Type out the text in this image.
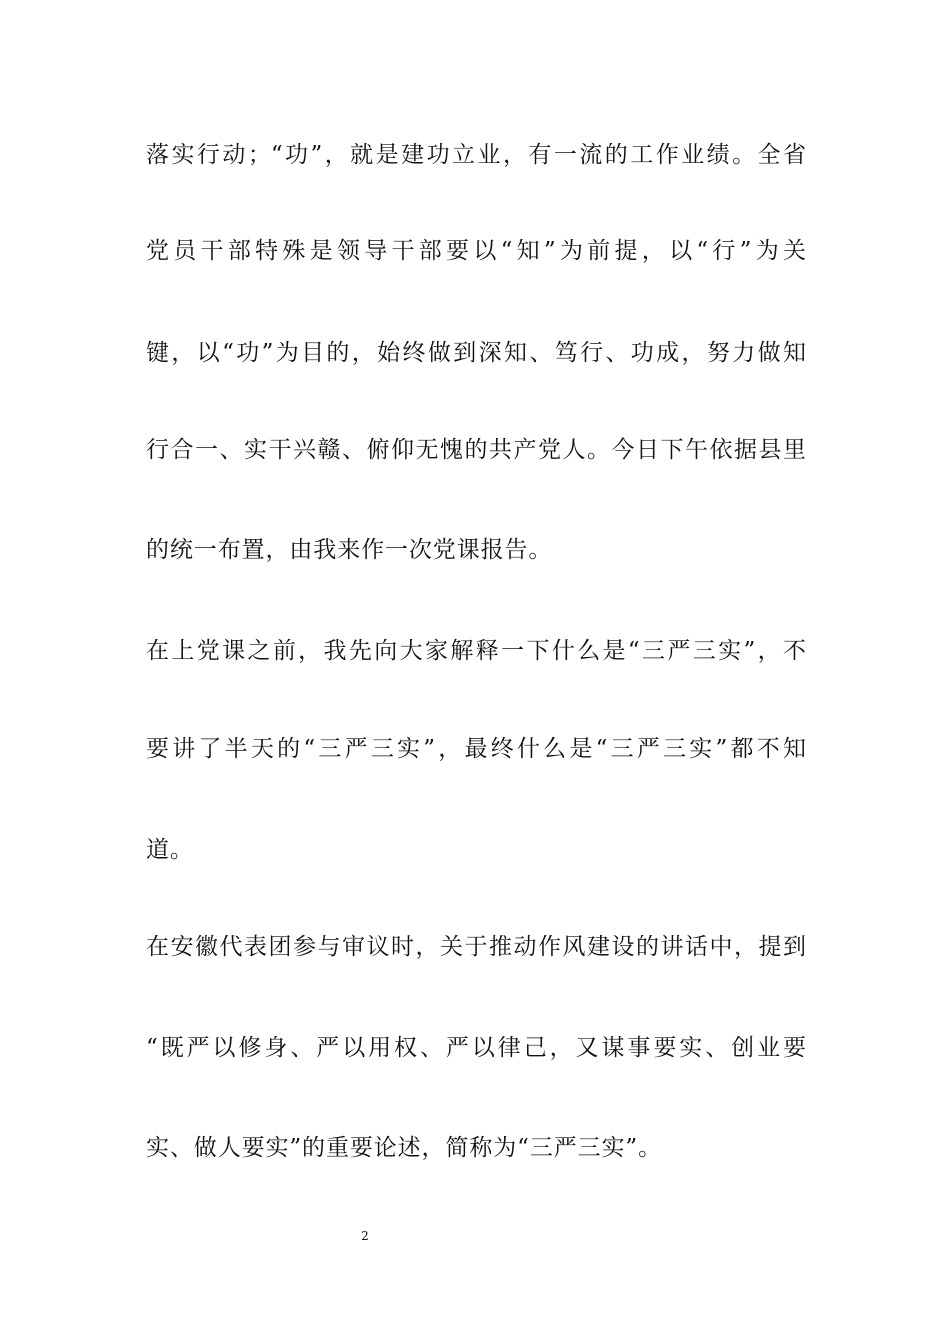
落实行动；“功”，就是建功立业，有一流的工作业绩。全省
党员干部特殊是领导干部要以“知”为前提，以“行”为关
键，以“功”为目的，始终做到深知、笃行、功成，努力做知
行合一、实干兴赣、俯仰无愧的共产党人。今日下午依据县里
的统一布置，由我来作一次党课报告。
在上党课之前，我先向大家解释一下什么是“三严三实”，不
要讲了半天的“三严三实”，最终什么是“三严三实”都不知
道。
在安徽代表团参与审议时，关于推动作风建设的讲话中，提到
“既严以修身、严以用权、严以律己，又谋事要实、创业要
实、做人要实”的重要论述，简称为“三严三实”。
2
